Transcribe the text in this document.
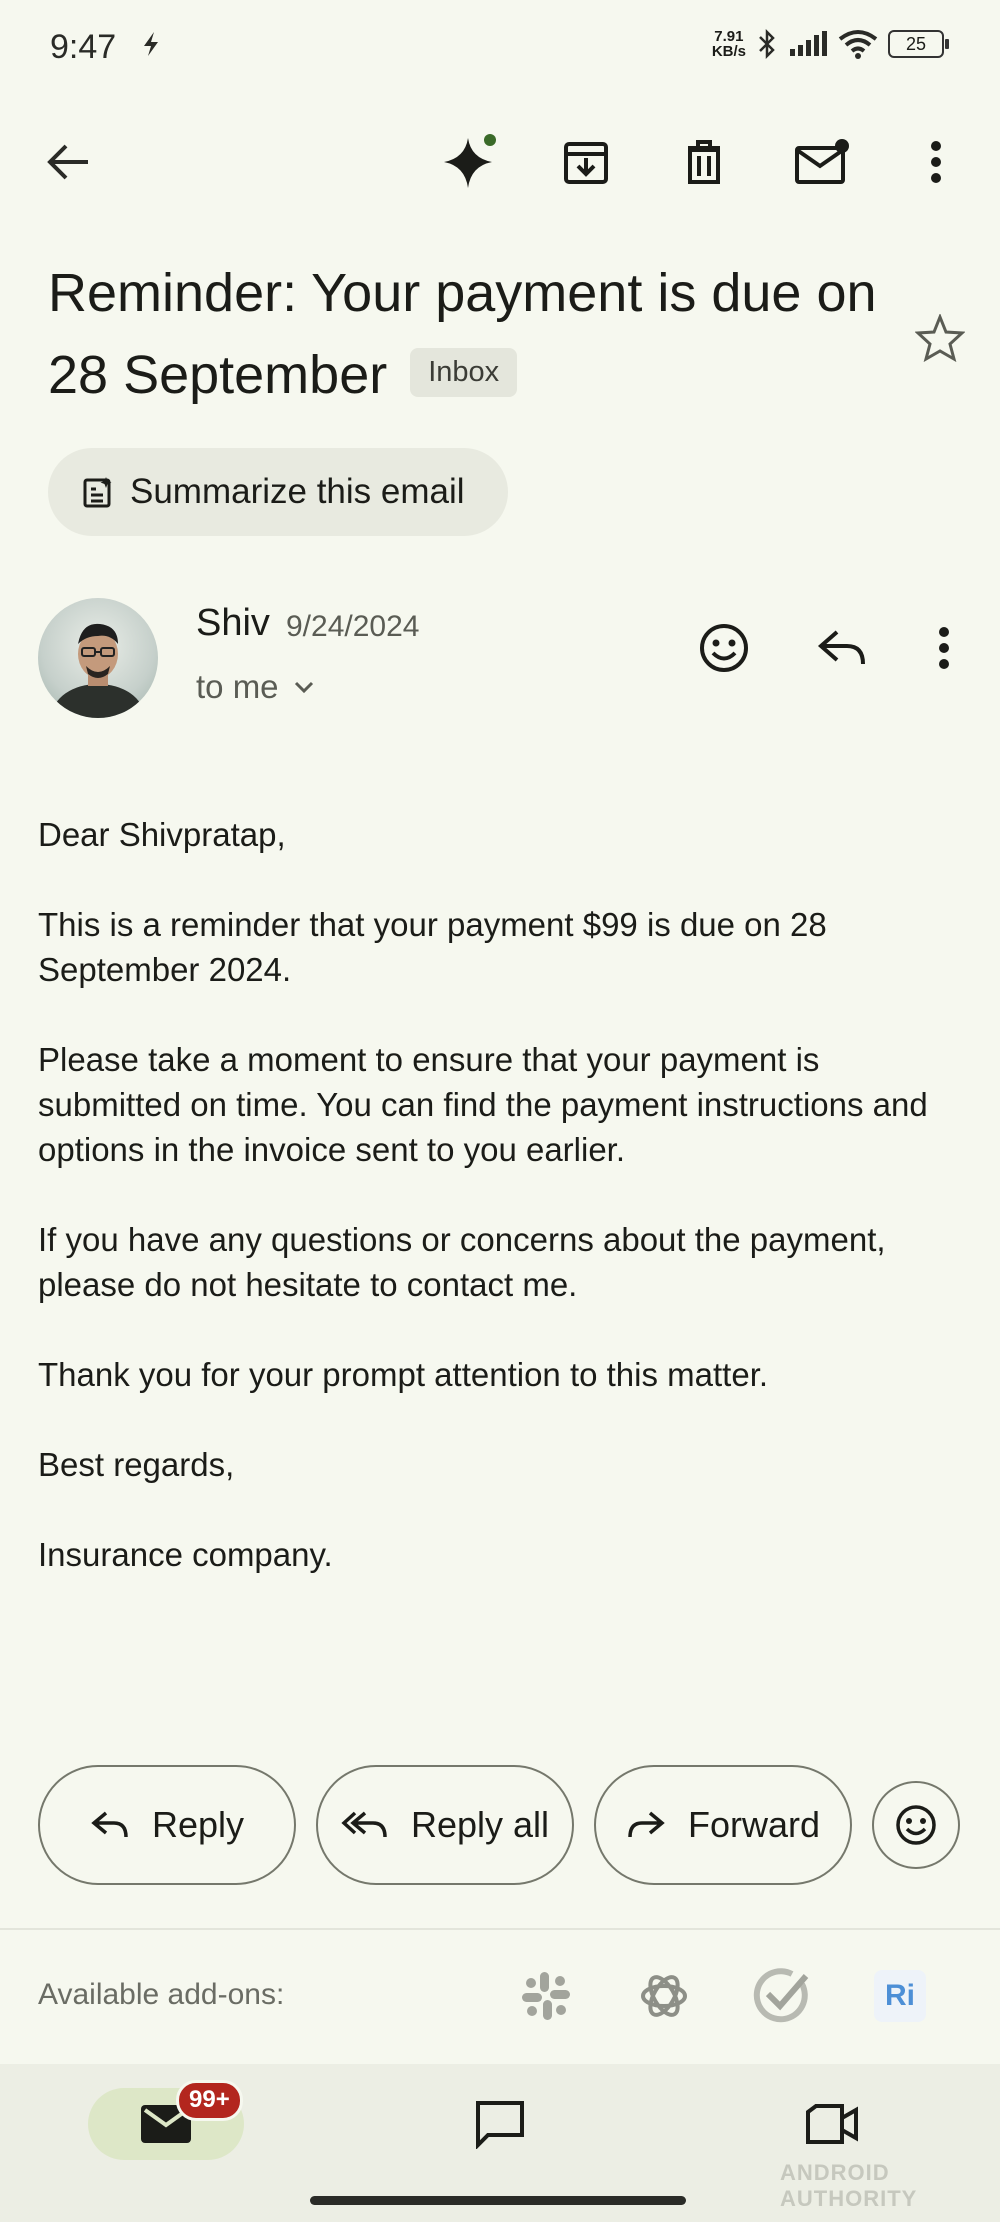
9:47	7.91
KB/s	25
Reminder: Your payment is due on 28 September Inbox
Summarize this email
Shiv 9/24/2024
to me

Dear Shivpratap,

This is a reminder that your payment $99 is due on 28 September 2024.

Please take a moment to ensure that your payment is submitted on time. You can find the payment instructions and options in the invoice sent to you earlier.

If you have any questions or concerns about the payment, please do not hesitate to contact me.

Thank you for your prompt attention to this matter.

Best regards,

Insurance company.

Reply	Reply all	Forward
Available add-ons:	Ri
99+
ANDROID AUTHORITY
